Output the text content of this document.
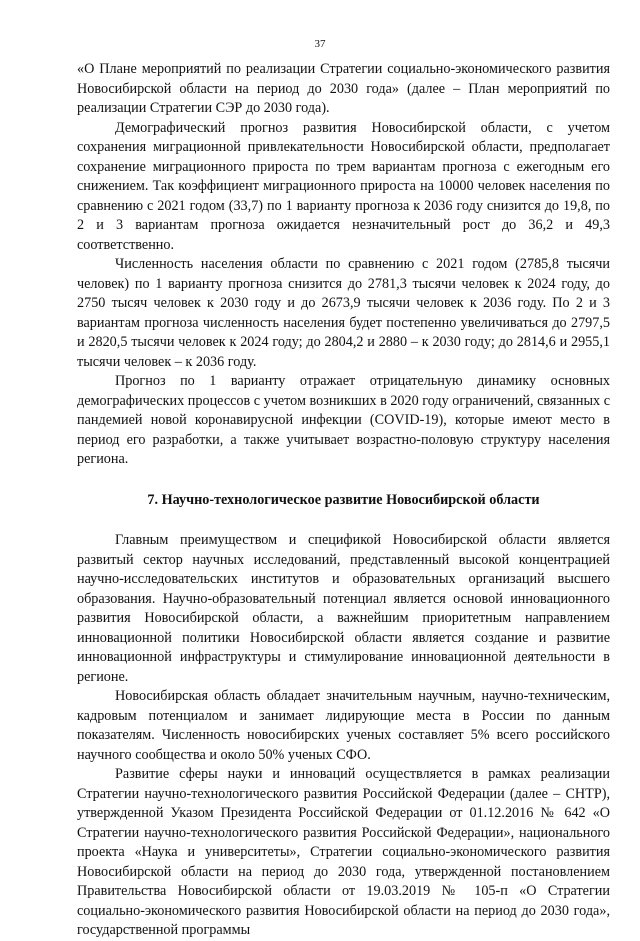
37

«О Плане мероприятий по реализации Стратегии социально-экономического развития Новосибирской области на период до 2030 года» (далее – План мероприятий по реализации Стратегии СЭР до 2030 года).

Демографический прогноз развития Новосибирской области, с учетом сохранения миграционной привлекательности Новосибирской области, предполагает сохранение миграционного прироста по трем вариантам прогноза с ежегодным его снижением. Так коэффициент миграционного прироста на 10000 человек населения по сравнению с 2021 годом (33,7) по 1 варианту прогноза к 2036 году снизится до 19,8, по 2 и 3 вариантам прогноза ожидается незначительный рост до 36,2 и 49,3 соответственно.

Численность населения области по сравнению с 2021 годом (2785,8 тысячи человек) по 1 варианту прогноза снизится до 2781,3 тысячи человек к 2024 году, до 2750 тысяч человек к 2030 году и до 2673,9 тысячи человек к 2036 году. По 2 и 3 вариантам прогноза численность населения будет постепенно увеличиваться до 2797,5 и 2820,5 тысячи человек к 2024 году; до 2804,2 и 2880 – к 2030 году; до 2814,6 и 2955,1 тысячи человек – к 2036 году.

Прогноз по 1 варианту отражает отрицательную динамику основных демографических процессов с учетом возникших в 2020 году ограничений, связанных с пандемией новой коронавирусной инфекции (COVID-19), которые имеют место в период его разработки, а также учитывает возрастно-половую структуру населения региона.

7. Научно-технологическое развитие Новосибирской области

Главным преимуществом и спецификой Новосибирской области является развитый сектор научных исследований, представленный высокой концентрацией научно-исследовательских институтов и образовательных организаций высшего образования. Научно-образовательный потенциал является основой инновационного развития Новосибирской области, а важнейшим приоритетным направлением инновационной политики Новосибирской области является создание и развитие инновационной инфраструктуры и стимулирование инновационной деятельности в регионе.

Новосибирская область обладает значительным научным, научно-техническим, кадровым потенциалом и занимает лидирующие места в России по данным показателям. Численность новосибирских ученых составляет 5% всего российского научного сообщества и около 50% ученых СФО.

Развитие сферы науки и инноваций осуществляется в рамках реализации Стратегии научно-технологического развития Российской Федерации (далее – СНТР), утвержденной Указом Президента Российской Федерации от 01.12.2016 № 642 «О Стратегии научно-технологического развития Российской Федерации», национального проекта «Наука и университеты», Стратегии социально-экономического развития Новосибирской области на период до 2030 года, утвержденной постановлением Правительства Новосибирской области от 19.03.2019 № 105-п «О Стратегии социально-экономического развития Новосибирской области на период до 2030 года», государственной программы
